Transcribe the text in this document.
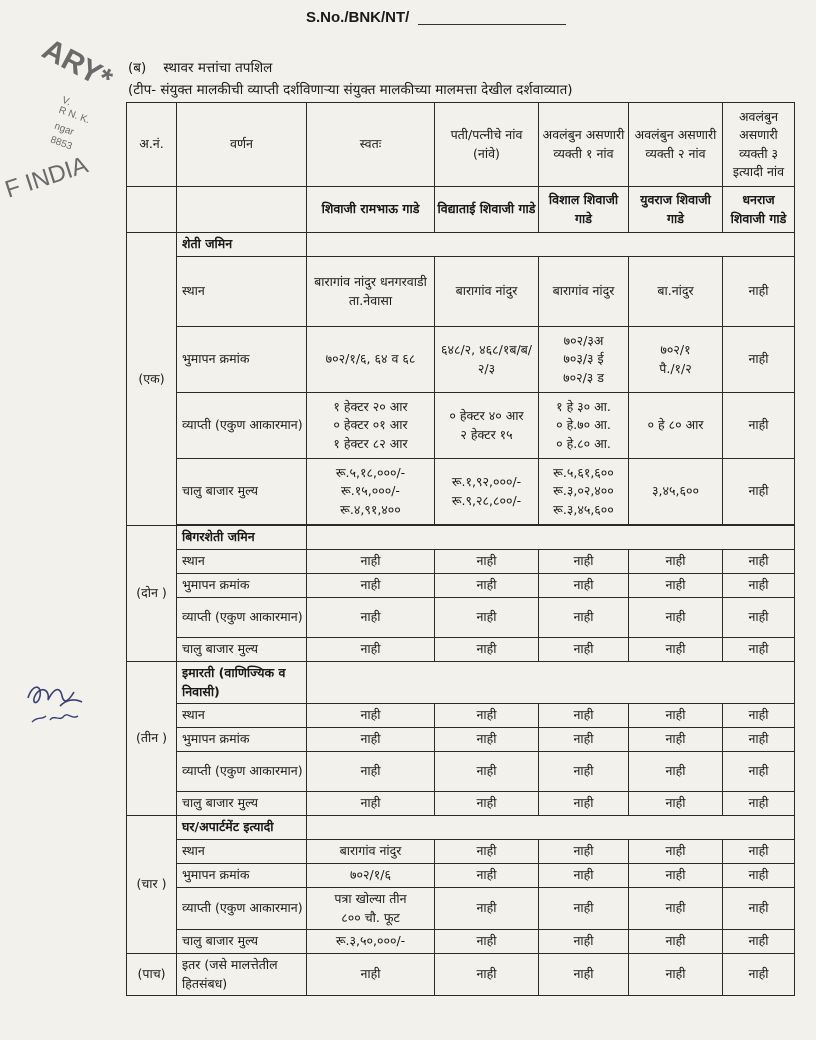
S.No./BNK/NT/
ARY*
V.
R N. K.
ngar
8853
F INDIA
(ब) स्थावर मत्तांचा तपशिल
(टीप- संयुक्त मालकीची व्याप्ती दर्शविणाऱ्या संयुक्त मालकीच्या मालमत्ता देखील दर्शवाव्यात)
अ.नं.	वर्णन	स्वतः	पती/पत्नीचे नांव (नांवे)	अवलंबुन असणारी व्यक्ती १ नांव	अवलंबुन असणारी व्यक्ती २ नांव	अवलंबुन असणारी व्यक्ती ३ इत्यादी नांव
		शिवाजी रामभाऊ गाडे	विद्याताई शिवाजी गाडे	विशाल शिवाजी गाडे	युवराज शिवाजी गाडे	धनराज शिवाजी गाडे
(एक)	शेती जमिन					
	स्थान	बारागांव नांदुर धनगरवाडी ता.नेवासा	बारागांव नांदुर	बारागांव नांदुर	बा.नांदुर	नाही
	भुमापन क्रमांक	७०२/१/६, ६४ व ६८	६४८/२, ४६८/१ब/ब/२/३	७०२/३अ
७०३/३ ई
७०२/३ ड	७०२/१
पै./१/२	नाही
	व्याप्ती (एकुण आकारमान)	१ हेक्टर २० आर
० हेक्टर ०१ आर
१ हेक्टर ८२ आर	० हेक्टर ४० आर
२ हेक्टर १५	१ हे ३० आ.
० हे.७० आ.
० हे.८० आ.	० हे ८० आर	नाही
	चालु बाजार मुल्य	रू.५,१८,०००/-
रू.१५,०००/-
रू.४,९१,४००	रू.१,९२,०००/-
रू.९,२८,८००/-	रू.५,६१,६००
रू.३,०२,४००
रू.३,४५,६००	३,४५,६००	नाही

(दोन )	बिगरशेती जमिन					
	स्थान	नाही	नाही	नाही	नाही	नाही
	भुमापन क्रमांक	नाही	नाही	नाही	नाही	नाही
	व्याप्ती (एकुण आकारमान)	नाही	नाही	नाही	नाही	नाही
	चालु बाजार मुल्य	नाही	नाही	नाही	नाही	नाही
(तीन )	इमारती (वाणिज्यिक व निवासी)					
	स्थान	नाही	नाही	नाही	नाही	नाही
	भुमापन क्रमांक	नाही	नाही	नाही	नाही	नाही
	व्याप्ती (एकुण आकारमान)	नाही	नाही	नाही	नाही	नाही
	चालु बाजार मुल्य	नाही	नाही	नाही	नाही	नाही
(चार )	घर/अपार्टमेंट इत्यादी					
	स्थान	बारागांव नांदुर	नाही	नाही	नाही	नाही
	भुमापन क्रमांक	७०२/१/६	नाही	नाही	नाही	नाही
	व्याप्ती (एकुण आकारमान)	पत्रा खोल्या तीन
८०० चौ. फूट	नाही	नाही	नाही	नाही
	चालु बाजार मुल्य	रू.३,५०,०००/-	नाही	नाही	नाही	नाही
(पाच)	इतर (जसे मालत्तेतील हितसंबध)	नाही	नाही	नाही	नाही	नाही
